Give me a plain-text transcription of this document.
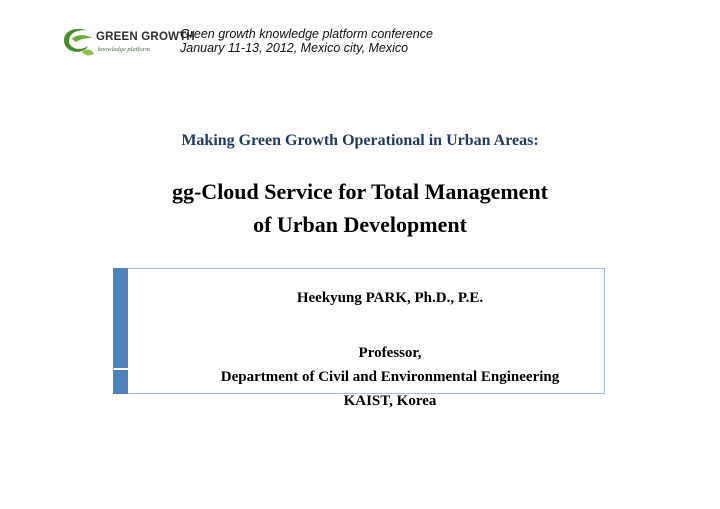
GREEN GROWTH
knowledge platform
Green growth knowledge platform conference
January 11-13, 2012, Mexico city, Mexico
Making Green Growth Operational in Urban Areas:
gg-Cloud Service for Total Management
of Urban Development
Heekyung PARK, Ph.D., P.E.
Professor,
Department of Civil and Environmental Engineering
KAIST, Korea
